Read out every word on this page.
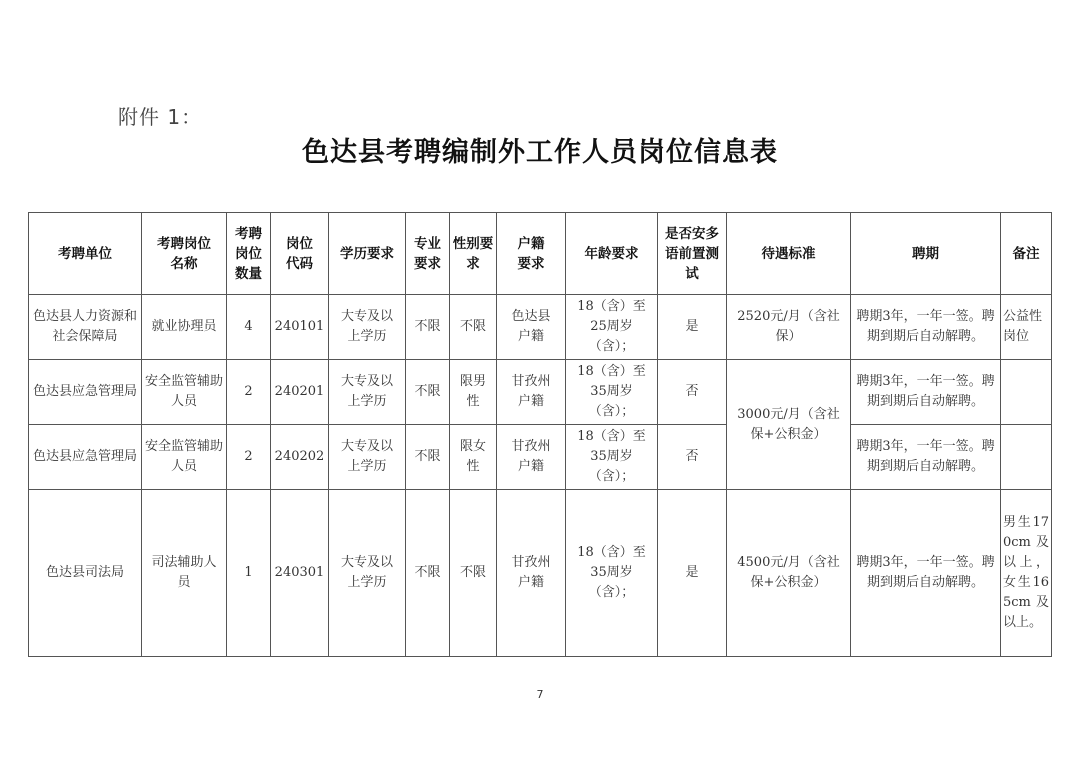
附件 1：
色达县考聘编制外工作人员岗位信息表
考聘单位	考聘岗位名称	考聘岗位数量	岗位代码	学历要求	专业要求	性别要求	户籍要求	年龄要求	是否安多语前置测试	待遇标准	聘期	备注
色达县人力资源和社会保障局	就业协理员	4	240101	大专及以上学历	不限	不限	色达县户籍	18（含）至25周岁（含）；	是	2520元/月（含社保）	聘期3年，一年一签。聘期到期后自动解聘。	公益性岗位

色达县应急管理局	安全监管辅助人员	2	240201	大专及以上学历	不限	限男性	甘孜州户籍	18（含）至35周岁（含）；	否	3000元/月（含社保+公积金）	聘期3年，一年一签。聘期到期后自动解聘。	
色达县应急管理局	安全监管辅助人员	2	240202	大专及以上学历	不限	限女性	甘孜州户籍	18（含）至35周岁（含）；	否		聘期3年，一年一签。聘期到期后自动解聘。	
色达县司法局	司法辅助人员	1	240301	大专及以上学历	不限	不限	甘孜州户籍	18（含）至35周岁（含）；	是	4500元/月（含社保+公积金）	聘期3年，一年一签。聘期到期后自动解聘。	男生170cm及以上，女生165cm及以上。
7
